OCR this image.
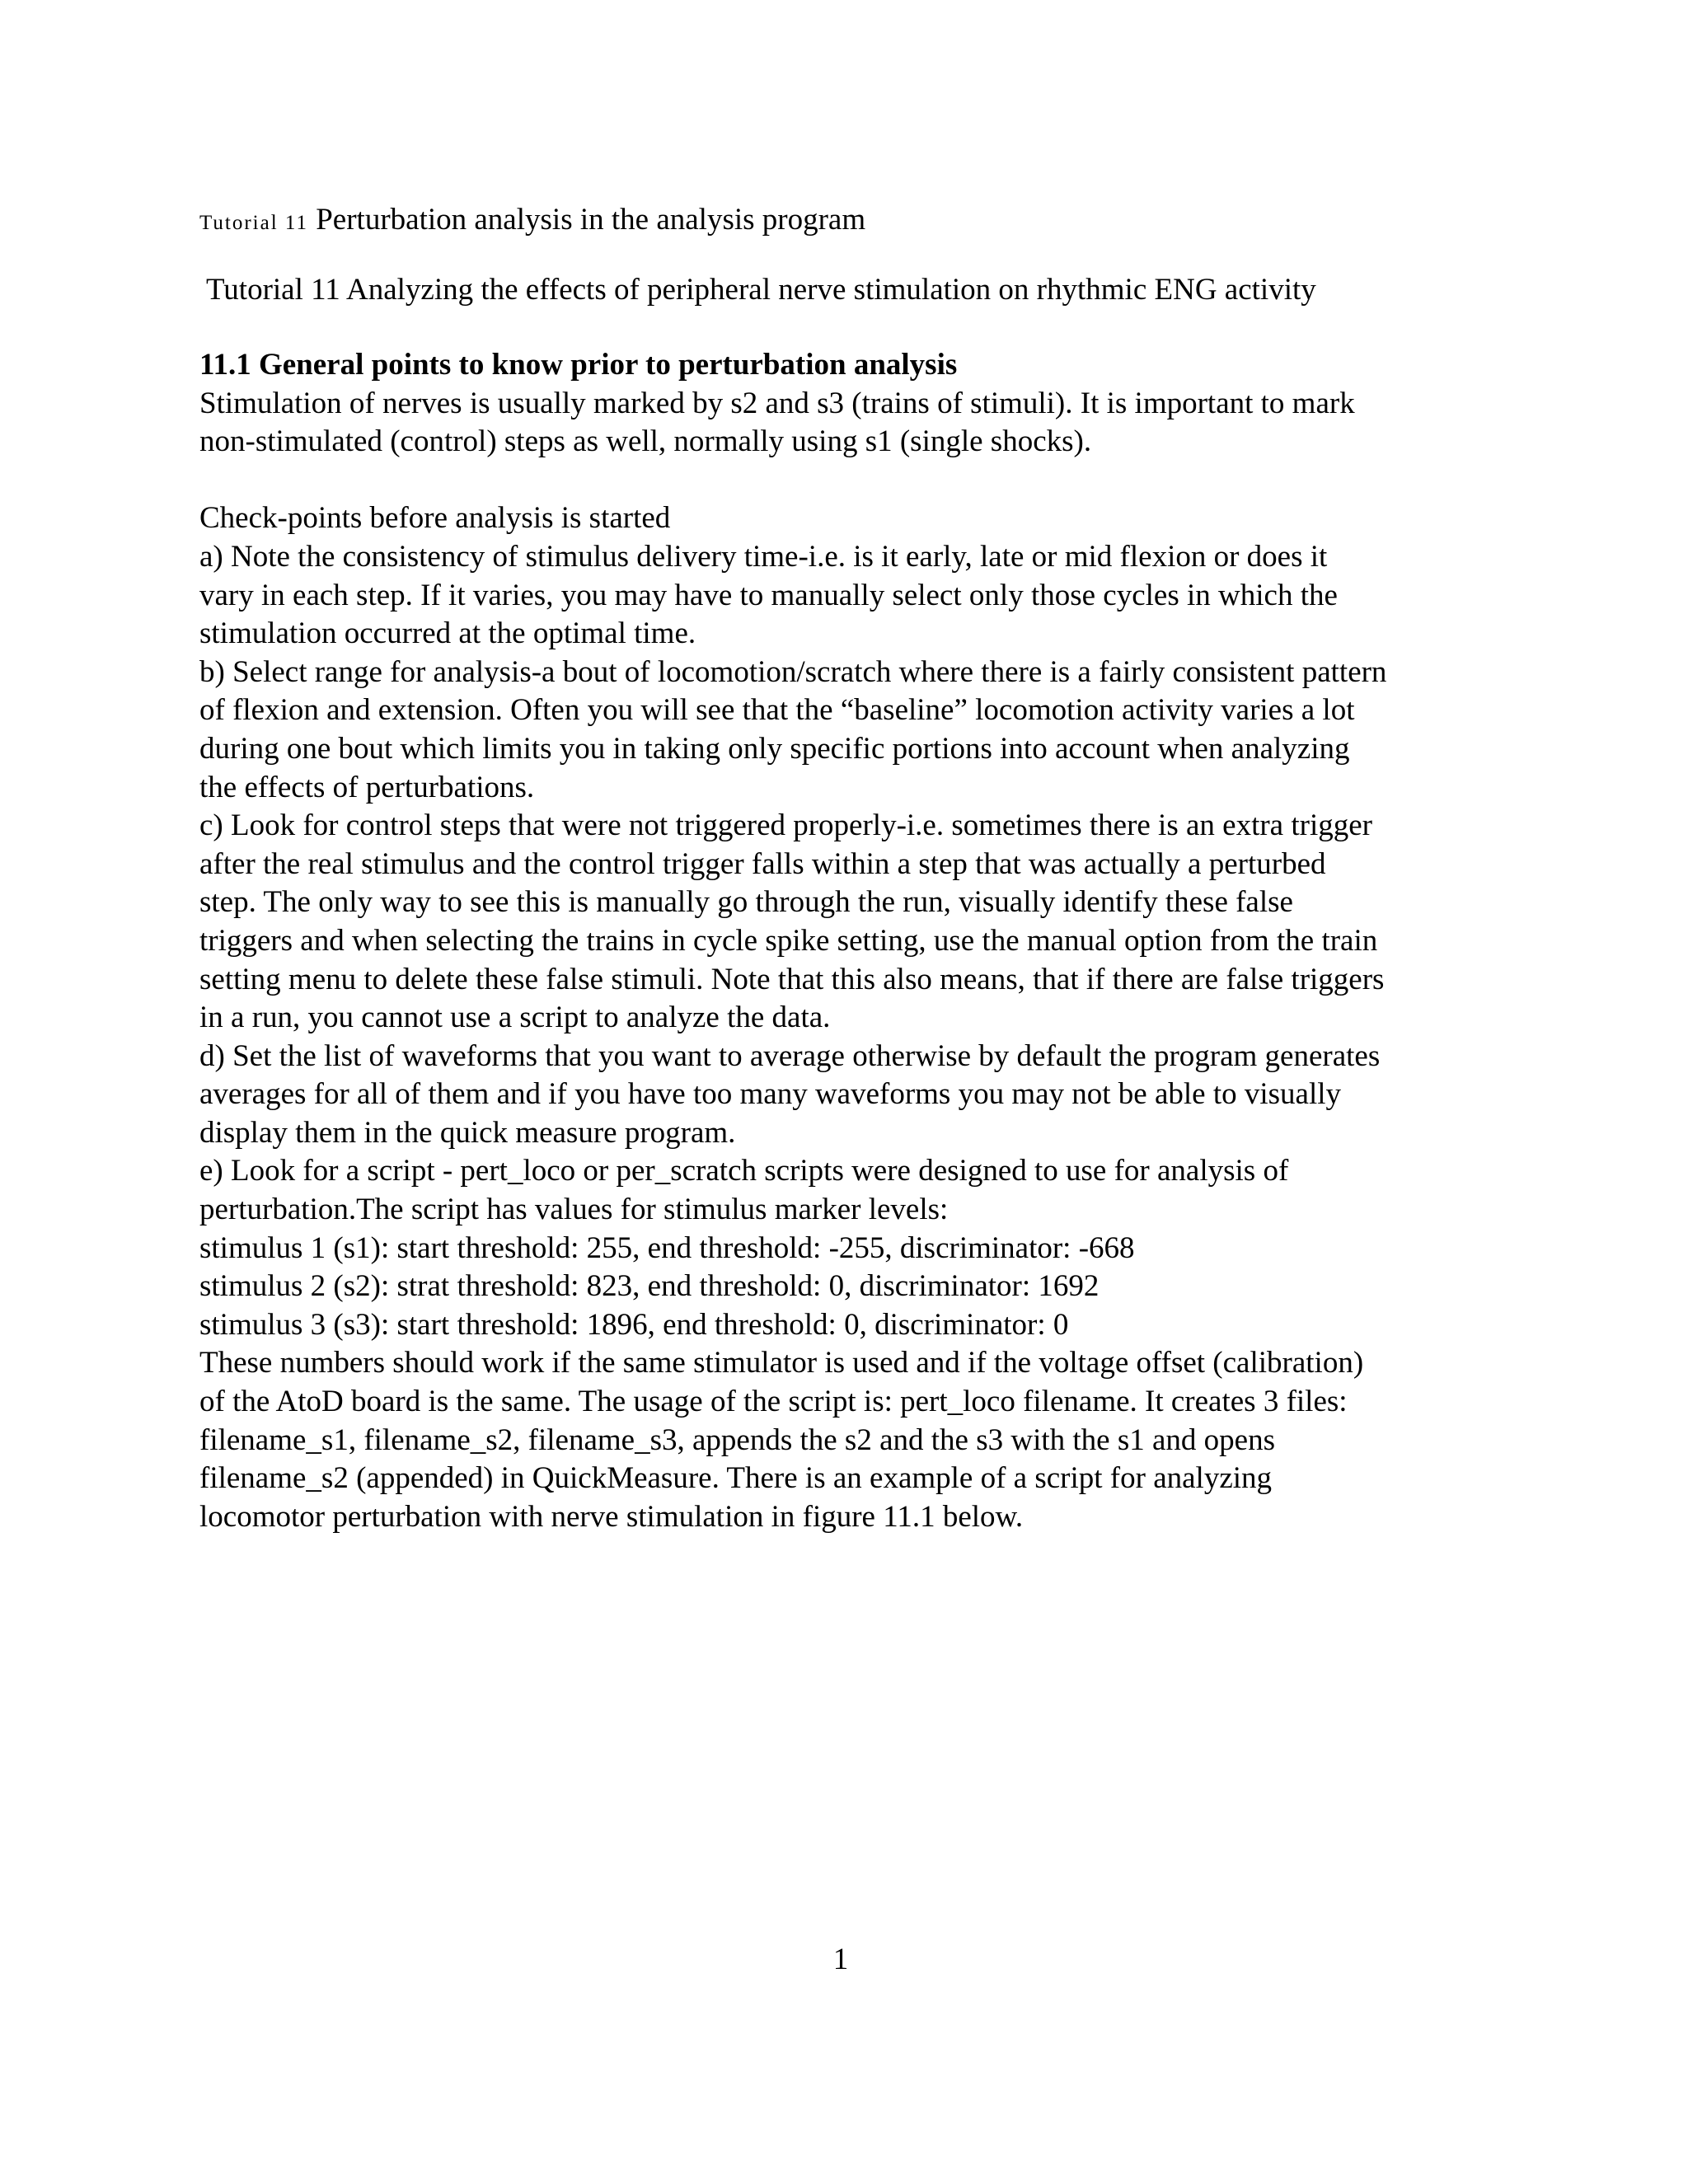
Tutorial 11 Perturbation analysis in the analysis program
Tutorial 11 Analyzing the effects of peripheral nerve stimulation on rhythmic ENG activity
11.1 General points to know prior to perturbation analysis
Stimulation of nerves is usually marked by s2 and s3 (trains of stimuli). It is important to mark
non-stimulated (control) steps as well, normally using s1 (single shocks).
Check-points before analysis is started
a) Note the consistency of stimulus delivery time-i.e. is it early, late or mid flexion or does it
vary in each step. If it varies, you may have to manually select only those cycles in which the
stimulation occurred at the optimal time.
b) Select range for analysis-a bout of locomotion/scratch where there is a fairly consistent pattern
of flexion and extension. Often you will see that the “baseline” locomotion activity varies a lot
during one bout which limits you in taking only specific portions into account when analyzing
the effects of perturbations.
c) Look for control steps that were not triggered properly-i.e. sometimes there is an extra trigger
after the real stimulus and the control trigger falls within a step that was actually a perturbed
step. The only way to see this is manually go through the run, visually identify these false
triggers and when selecting the trains in cycle spike setting, use the manual option from the train
setting menu to delete these false stimuli. Note that this also means, that if there are false triggers
in a run, you cannot use a script to analyze the data.
d) Set the list of waveforms that you want to average otherwise by default the program generates
averages for all of them and if you have too many waveforms you may not be able to visually
display them in the quick measure program.
e) Look for a script - pert_loco or per_scratch scripts were designed to use for analysis of
perturbation.The script has values for stimulus marker levels:
stimulus 1 (s1): start threshold: 255, end threshold: -255, discriminator: -668
stimulus 2 (s2): strat threshold: 823, end threshold: 0, discriminator: 1692
stimulus 3 (s3): start threshold: 1896, end threshold: 0, discriminator: 0
These numbers should work if the same stimulator is used and if the voltage offset (calibration)
of the AtoD board is the same. The usage of the script is: pert_loco filename. It creates 3 files:
filename_s1, filename_s2, filename_s3, appends the s2 and the s3 with the s1 and opens
filename_s2 (appended) in QuickMeasure. There is an example of a script for analyzing
locomotor perturbation with nerve stimulation in figure 11.1 below.
1
